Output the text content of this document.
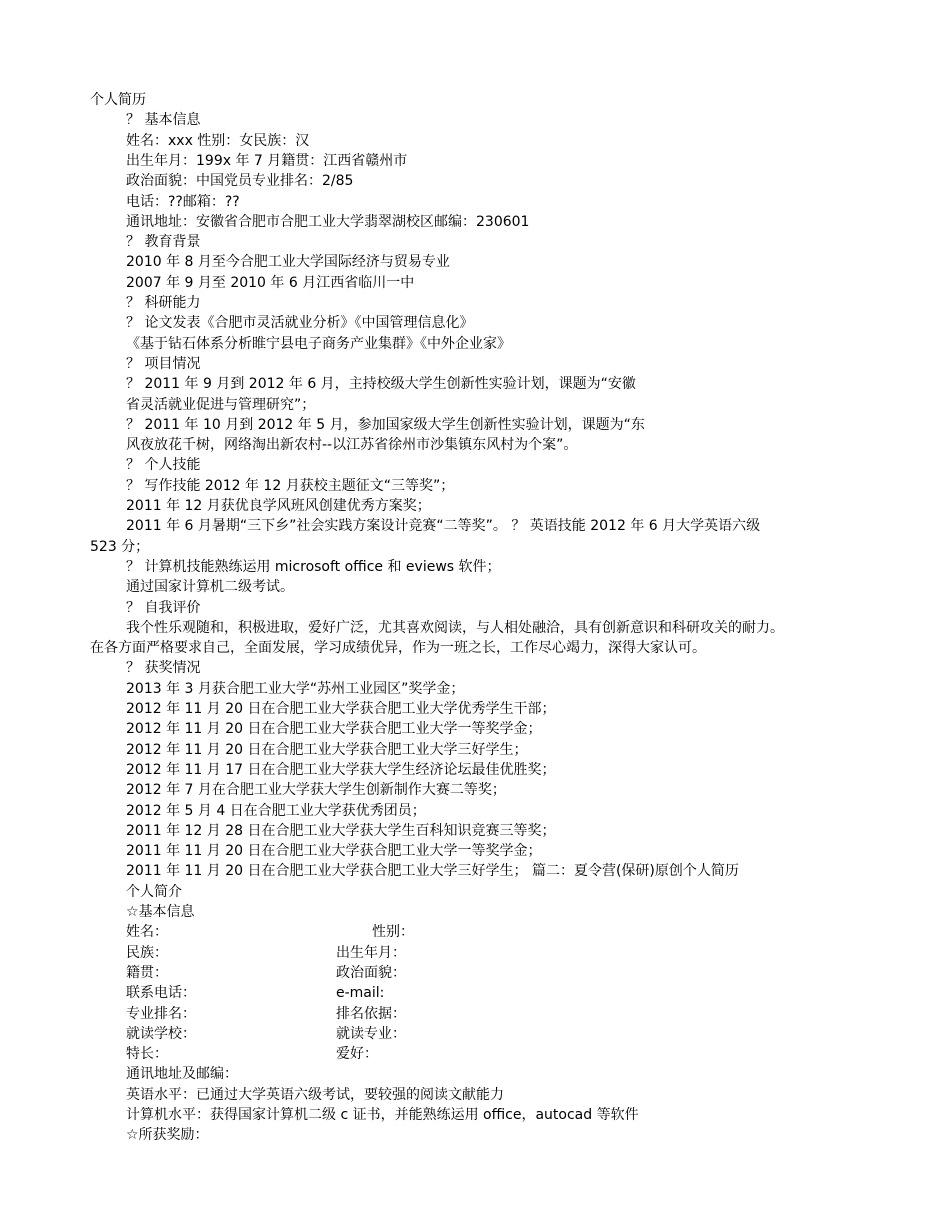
个人简历
？ 基本信息
姓名：xxx 性别：女民族：汉
出生年月：199x 年 7 月籍贯：江西省赣州市
政治面貌：中国党员专业排名：2/85
电话：??邮箱：??
通讯地址：安徽省合肥市合肥工业大学翡翠湖校区邮编：230601
？ 教育背景
2010 年 8 月至今合肥工业大学国际经济与贸易专业
2007 年 9 月至 2010 年 6 月江西省临川一中
？ 科研能力
？ 论文发表《合肥市灵活就业分析》《中国管理信息化》
《基于钻石体系分析睢宁县电子商务产业集群》《中外企业家》
？ 项目情况
？ 2011 年 9 月到 2012 年 6 月，主持校级大学生创新性实验计划，课题为“安徽
省灵活就业促进与管理研究”；
？ 2011 年 10 月到 2012 年 5 月，参加国家级大学生创新性实验计划，课题为“东
风夜放花千树，网络淘出新农村--以江苏省徐州市沙集镇东风村为个案”。
？ 个人技能
？ 写作技能 2012 年 12 月获校主题征文“三等奖”；
2011 年 12 月获优良学风班风创建优秀方案奖；
2011 年 6 月暑期“三下乡”社会实践方案设计竞赛“二等奖”。 ？ 英语技能 2012 年 6 月大学英语六级
523 分；
？ 计算机技能熟练运用 microsoft office 和 eviews 软件；
通过国家计算机二级考试。
？ 自我评价
我个性乐观随和，积极进取，爱好广泛，尤其喜欢阅读，与人相处融洽，具有创新意识和科研攻关的耐力。
在各方面严格要求自己，全面发展，学习成绩优异，作为一班之长，工作尽心竭力，深得大家认可。
？ 获奖情况
2013 年 3 月获合肥工业大学“苏州工业园区”奖学金；
2012 年 11 月 20 日在合肥工业大学获合肥工业大学优秀学生干部；
2012 年 11 月 20 日在合肥工业大学获合肥工业大学一等奖学金；
2012 年 11 月 20 日在合肥工业大学获合肥工业大学三好学生；
2012 年 11 月 17 日在合肥工业大学获大学生经济论坛最佳优胜奖；
2012 年 7 月在合肥工业大学获大学生创新制作大赛二等奖；
2012 年 5 月 4 日在合肥工业大学获优秀团员；
2011 年 12 月 28 日在合肥工业大学获大学生百科知识竞赛三等奖；
2011 年 11 月 20 日在合肥工业大学获合肥工业大学一等奖学金；
2011 年 11 月 20 日在合肥工业大学获合肥工业大学三好学生； 篇二：夏令营(保研)原创个人简历
个人简介
☆基本信息
姓名：	性别：
民族：	出生年月：
籍贯：	政治面貌：
联系电话：	e-mail:
专业排名：	排名依据：
就读学校：	就读专业：
特长：	爱好：
通讯地址及邮编：
英语水平：已通过大学英语六级考试，要较强的阅读文献能力
计算机水平：获得国家计算机二级 c 证书，并能熟练运用 office，autocad 等软件
☆所获奖励：
